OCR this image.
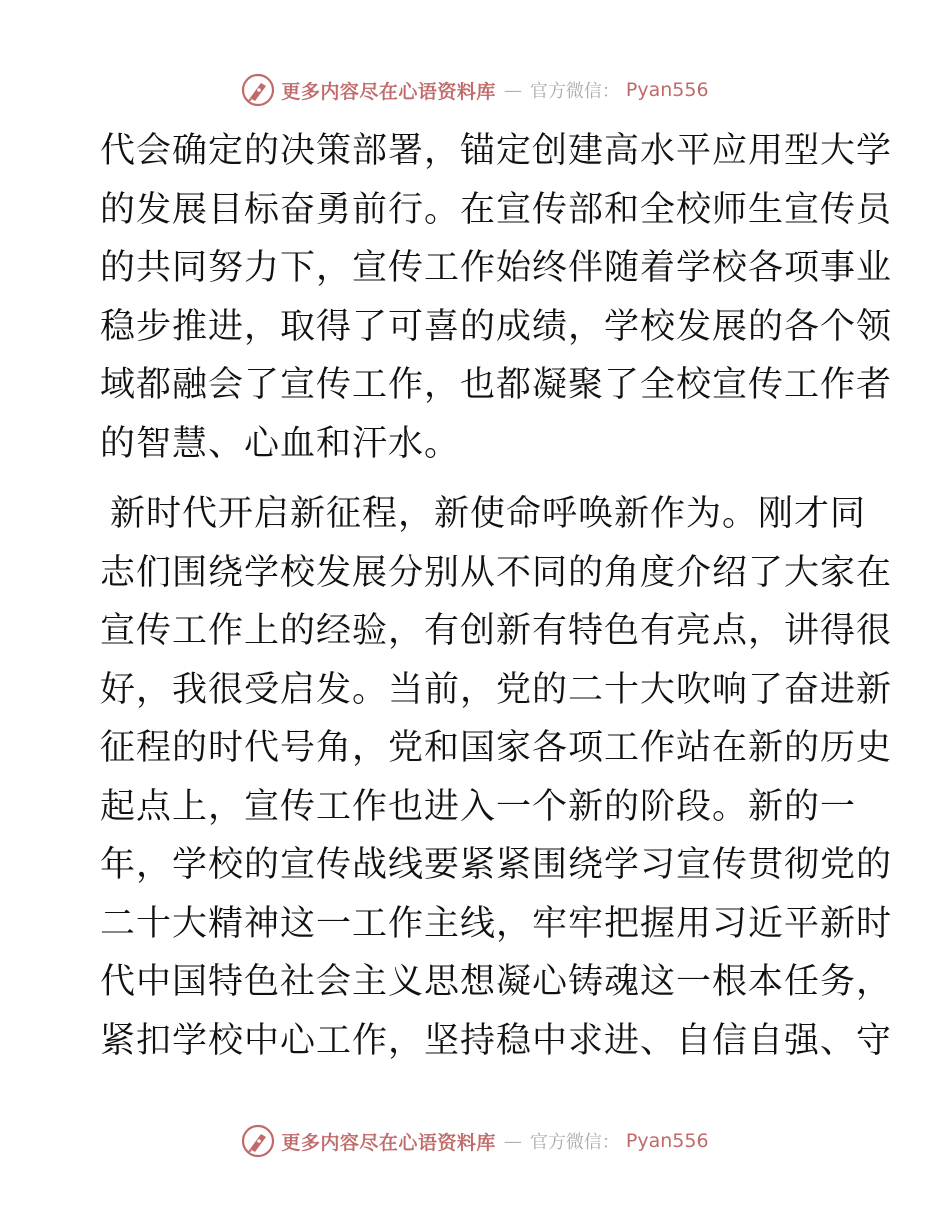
更多内容尽在心语资料库 — 官方微信： Pyan556
代会确定的决策部署，锚定创建高水平应用型大学
的发展目标奋勇前行。在宣传部和全校师生宣传员
的共同努力下，宣传工作始终伴随着学校各项事业
稳步推进，取得了可喜的成绩，学校发展的各个领
域都融会了宣传工作，也都凝聚了全校宣传工作者
的智慧、心血和汗水。
新时代开启新征程，新使命呼唤新作为。刚才同
志们围绕学校发展分别从不同的角度介绍了大家在
宣传工作上的经验，有创新有特色有亮点，讲得很
好，我很受启发。当前，党的二十大吹响了奋进新
征程的时代号角，党和国家各项工作站在新的历史
起点上，宣传工作也进入一个新的阶段。新的一
年，学校的宣传战线要紧紧围绕学习宣传贯彻党的
二十大精神这一工作主线，牢牢把握用习近平新时
代中国特色社会主义思想凝心铸魂这一根本任务，
紧扣学校中心工作，坚持稳中求进、自信自强、守
更多内容尽在心语资料库 — 官方微信： Pyan556
